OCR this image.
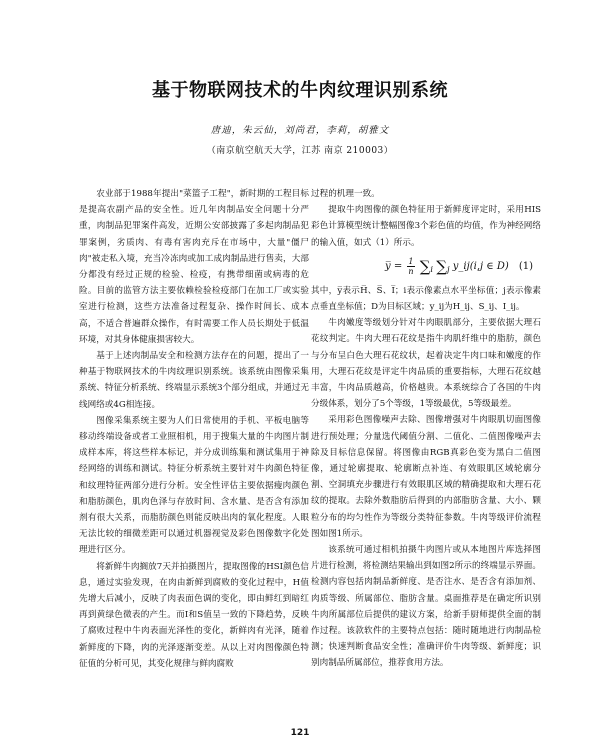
基于物联网技术的牛肉纹理识别系统
唐迪，朱云仙，刘尚君，李莉，胡雅文
（南京航空航天大学，江苏 南京 210003）

农业部于1988年提出"菜篮子工程"，新时期的工程目标是提高农副产品的安全性。近几年肉制品安全问题十分严重，肉制品犯罪案件高发，近期公安部披露了多起肉制品犯罪案例，劣质肉、有毒有害肉充斥在市场中，大量"僵尸肉"被走私入境，充当冷冻肉或加工成肉制品进行售卖，大部分都没有经过正规的检验、检疫，有携带细菌或病毒的危险。目前的监管方法主要依赖检验检疫部门在加工厂或实验室进行检测，这些方法准备过程复杂、操作时间长、成本高，不适合普遍群众操作，有时需要工作人员长期处于低温环境，对其身体健康损害较大。

基于上述肉制品安全和检测方法存在的问题，提出了一种基于物联网技术的牛肉纹理识别系统。该系统由图像采集系统、特征分析系统、终端显示系统3个部分组成，并通过无线网络或4G相连接。

图像采集系统主要为人们日常使用的手机、平板电脑等移动终端设备或者工业照相机，用于搜集大量的牛肉图片制成样本库，将这些样本标记，并分成训练集和测试集用于神经网络的训练和测试。特征分析系统主要针对牛肉颜色特征和纹理特征两部分进行分析。安全性评估主要依据瘦肉颜色和脂肪颜色，肌肉色泽与存放时间、含水量、是否含有添加剂有很大关系，而脂肪颜色则能反映出肉的氧化程度。人眼无法比较的细微差距可以通过机器视觉及彩色图像数字化处理进行区分。

将新鲜牛肉搁放7天并拍摄图片，提取图像的HSI颜色信息，通过实验发现，在肉由新鲜到腐败的变化过程中，H值先增大后减小，反映了肉表面色调的变化，即由鲜红到暗红再到黄绿色微表的产生。而I和S值呈一致的下降趋势，反映了腐败过程中牛肉表面光泽性的变化，新鲜肉有光泽，随着新鲜度的下降，肉的光泽逐渐变差。从以上对肉图像颜色特征值的分析可见，其变化规律与鲜肉腐败

过程的机理一致。

提取牛肉图像的颜色特征用于新鲜度评定时，采用HIS彩色计算模型统计整幅图像3个彩色值的均值，作为神经网络的输入值，如式（1）所示。

y̅ = $\frac{1}{n} \sum_i$ $\sum_j$ y_ij(i,j ∈ D) (1)

其中，y̅表示H̅、S̅、I̅；i表示像素点水平坐标值；j表示像素点垂直坐标值；D为目标区域；y_ij为H_ij、S_ij、I_ij。

牛肉嫩度等级划分针对牛肉眼肌部分，主要依据大理石花纹判定。牛肉大理石花纹是指牛肉肌纤维中的脂肪，颜色与分布呈白色大理石花纹状，起着决定牛肉口味和嫩度的作用，大理石花纹是评定牛肉品质的重要指标，大理石花纹越丰富，牛肉品质越高，价格越贵。本系统综合了各国的牛肉分级体系，划分了5个等级，1等级最优，5等级最差。

采用彩色图像噪声去除、图像增强对牛肉眼肌切面图像进行预处理；分量选代阈值分割、二值化、二值图像噪声去除及目标信息保留。将图像由RGB真彩色变为黑白二值图像，通过轮廓提取、轮廓断点补连、有效眼肌区域轮廓分割、空洞填充步骤进行有效眼肌区域的精确提取和大理石花纹的提取。去除外数脂肪后得到的内部脂肪含量、大小、颗粒分布的均匀性作为等级分类特征参数。牛肉等级评价流程图如图1所示。

该系统可通过相机拍摄牛肉图片或从本地图片库选择图片进行检测，将检测结果输出到如图2所示的终端显示界面。检测内容包括肉制品新鲜度、是否注水、是否含有添加剂、肉质等级、所属部位、脂肪含量。桌面推荐是在确定所识别牛肉所属部位后提供的建议方案，给新手厨师提供全面的制作过程。该款软件的主要特点包括：随时随地进行肉制品检测；快速判断食品安全性；准确评价牛肉等级、新鲜度；识别肉制品所属部位，推荐食用方法。

121
